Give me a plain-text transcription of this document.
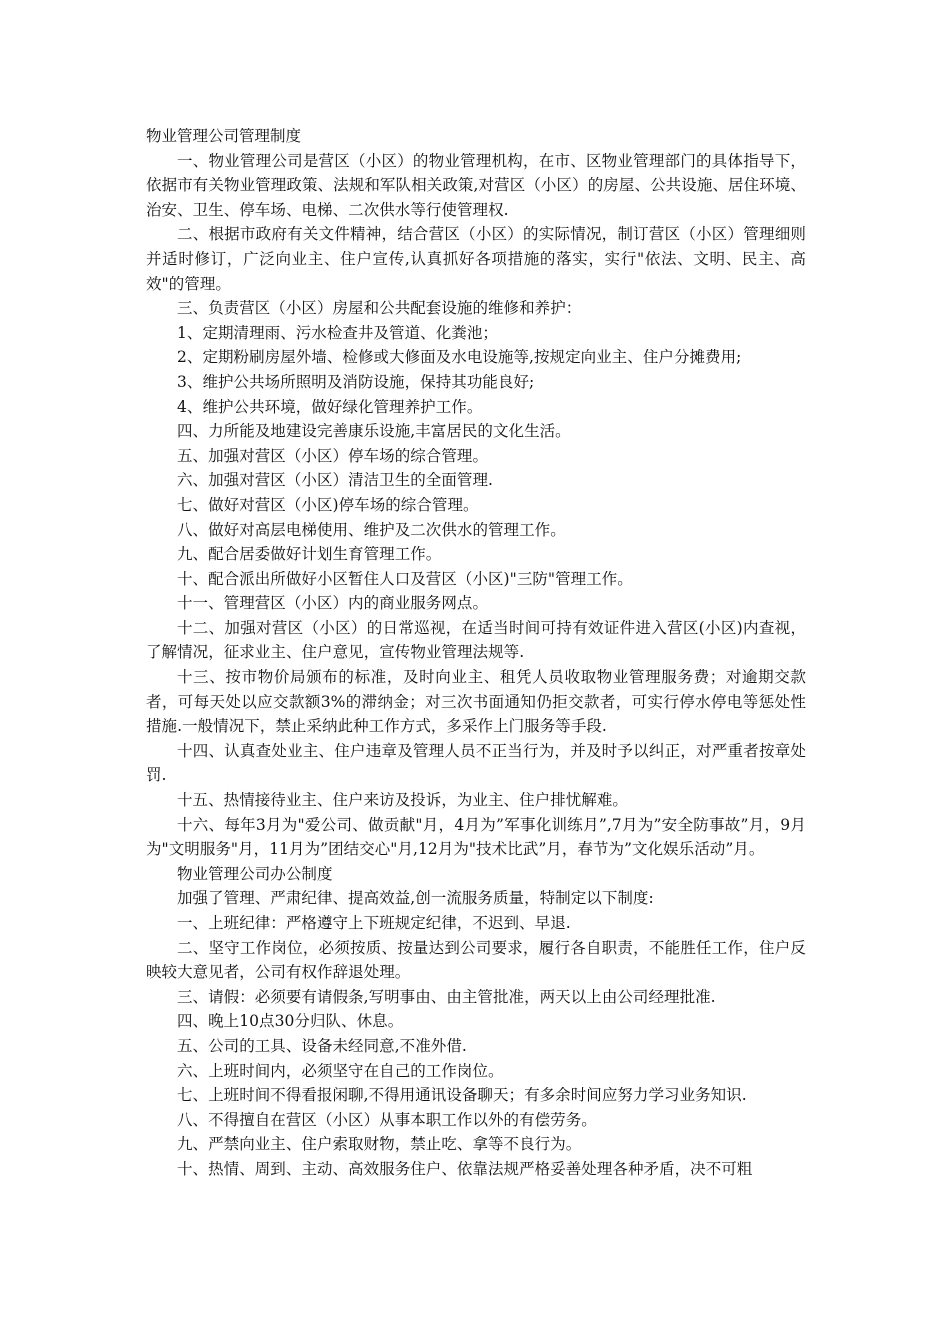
物业管理公司管理制度

一、物业管理公司是营区（小区）的物业管理机构，在市、区物业管理部门的具体指导下，依据市有关物业管理政策、法规和军队相关政策,对营区（小区）的房屋、公共设施、居住环境、治安、卫生、停车场、电梯、二次供水等行使管理权.

二、根据市政府有关文件精神，结合营区（小区）的实际情况，制订营区（小区）管理细则并适时修订，广泛向业主、住户宣传,认真抓好各项措施的落实，实行"依法、文明、民主、高效"的管理。

三、负责营区（小区）房屋和公共配套设施的维修和养护：

1、定期清理雨、污水检查井及管道、化粪池；

2、定期粉刷房屋外墙、检修或大修面及水电设施等,按规定向业主、住户分摊费用;

3、维护公共场所照明及消防设施，保持其功能良好;

4、维护公共环境，做好绿化管理养护工作。

四、力所能及地建设完善康乐设施,丰富居民的文化生活。

五、加强对营区（小区）停车场的综合管理。

六、加强对营区（小区）清洁卫生的全面管理.

七、做好对营区（小区)停车场的综合管理。

八、做好对高层电梯使用、维护及二次供水的管理工作。

九、配合居委做好计划生育管理工作。

十、配合派出所做好小区暂住人口及营区（小区)"三防"管理工作。

十一、管理营区（小区）内的商业服务网点。

十二、加强对营区（小区）的日常巡视，在适当时间可持有效证件进入营区(小区)内查视，了解情况，征求业主、住户意见，宣传物业管理法规等.

十三、按市物价局颁布的标准，及时向业主、租凭人员收取物业管理服务费；对逾期交款者，可每天处以应交款额3%的滞纳金；对三次书面通知仍拒交款者，可实行停水停电等惩处性措施.一般情况下，禁止采纳此种工作方式，多采作上门服务等手段.

十四、认真查处业主、住户违章及管理人员不正当行为，并及时予以纠正，对严重者按章处罚.

十五、热情接待业主、住户来访及投诉，为业主、住户排忧解难。

十六、每年3月为"爱公司、做贡献"月，4月为”军事化训练月”,7月为”安全防事故”月，9月为"文明服务"月，11月为”团结交心"月,12月为"技术比武”月，春节为”文化娱乐活动”月。

物业管理公司办公制度

加强了管理、严肃纪律、提高效益,创一流服务质量，特制定以下制度:

一、上班纪律：严格遵守上下班规定纪律，不迟到、早退.

二、坚守工作岗位，必须按质、按量达到公司要求，履行各自职责，不能胜任工作，住户反映较大意见者，公司有权作辞退处理。

三、请假：必须要有请假条,写明事由、由主管批准，两天以上由公司经理批准.

四、晚上10点30分归队、休息。

五、公司的工具、设备未经同意,不准外借.

六、上班时间内，必须坚守在自己的工作岗位。

七、上班时间不得看报闲聊,不得用通讯设备聊天；有多余时间应努力学习业务知识.

八、不得擅自在营区（小区）从事本职工作以外的有偿劳务。

九、严禁向业主、住户索取财物，禁止吃、拿等不良行为。

十、热情、周到、主动、高效服务住户、依靠法规严格妥善处理各种矛盾，决不可粗
